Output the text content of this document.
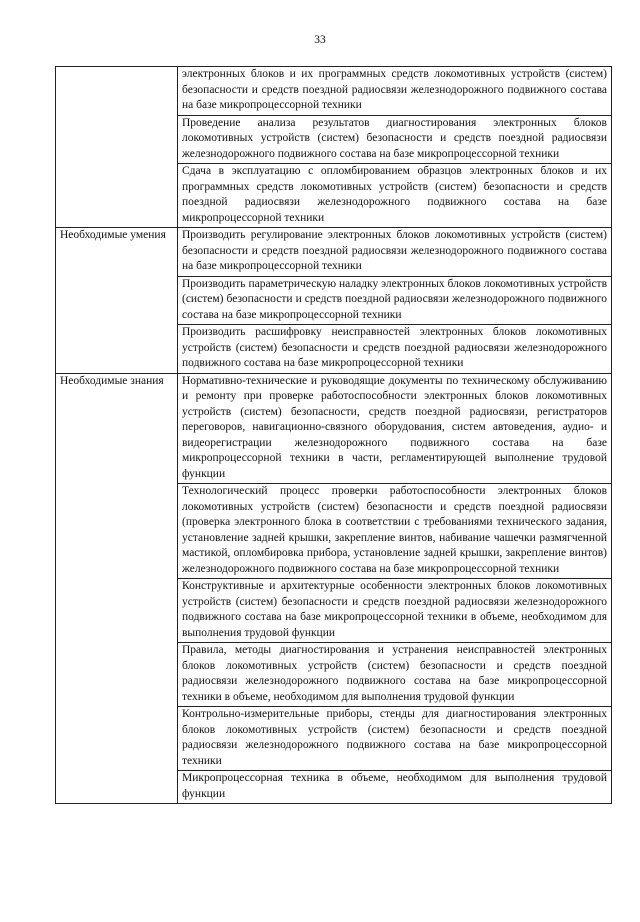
33
	электронных блоков и их программных средств локомотивных устройств (систем) безопасности и средств поездной радиосвязи железнодорожного подвижного состава на базе микропроцессорной техники
	Проведение анализа результатов диагностирования электронных блоков локомотивных устройств (систем) безопасности и средств поездной радиосвязи железнодорожного подвижного состава на базе микропроцессорной техники
	Сдача в эксплуатацию с опломбированием образцов электронных блоков и их программных средств локомотивных устройств (систем) безопасности и средств поездной радиосвязи железнодорожного подвижного состава на базе микропроцессорной техники
Необходимые умения	Производить регулирование электронных блоков локомотивных устройств (систем) безопасности и средств поездной радиосвязи железнодорожного подвижного состава на базе микропроцессорной техники
	Производить параметрическую наладку электронных блоков локомотивных устройств (систем) безопасности и средств поездной радиосвязи железнодорожного подвижного состава на базе микропроцессорной техники
	Производить расшифровку неисправностей электронных блоков локомотивных устройств (систем) безопасности и средств поездной радиосвязи железнодорожного подвижного состава на базе микропроцессорной техники
Необходимые знания	Нормативно-технические и руководящие документы по техническому обслуживанию и ремонту при проверке работоспособности электронных блоков локомотивных устройств (систем) безопасности, средств поездной радиосвязи, регистраторов переговоров, навигационно-связного оборудования, систем автоведения, аудио- и видеорегистрации железнодорожного подвижного состава на базе микропроцессорной техники в части, регламентирующей выполнение трудовой функции
	Технологический процесс проверки работоспособности электронных блоков локомотивных устройств (систем) безопасности и средств поездной радиосвязи (проверка электронного блока в соответствии с требованиями технического задания, установление задней крышки, закрепление винтов, набивание чашечки размягченной мастикой, опломбировка прибора, установление задней крышки, закрепление винтов) железнодорожного подвижного состава на базе микропроцессорной техники
	Конструктивные и архитектурные особенности электронных блоков локомотивных устройств (систем) безопасности и средств поездной радиосвязи железнодорожного подвижного состава на базе микропроцессорной техники в объеме, необходимом для выполнения трудовой функции
	Правила, методы диагностирования и устранения неисправностей электронных блоков локомотивных устройств (систем) безопасности и средств поездной радиосвязи железнодорожного подвижного состава на базе микропроцессорной техники в объеме, необходимом для выполнения трудовой функции
	Контрольно-измерительные приборы, стенды для диагностирования электронных блоков локомотивных устройств (систем) безопасности и средств поездной радиосвязи железнодорожного подвижного состава на базе микропроцессорной техники
	Микропроцессорная техника в объеме, необходимом для выполнения трудовой функции
